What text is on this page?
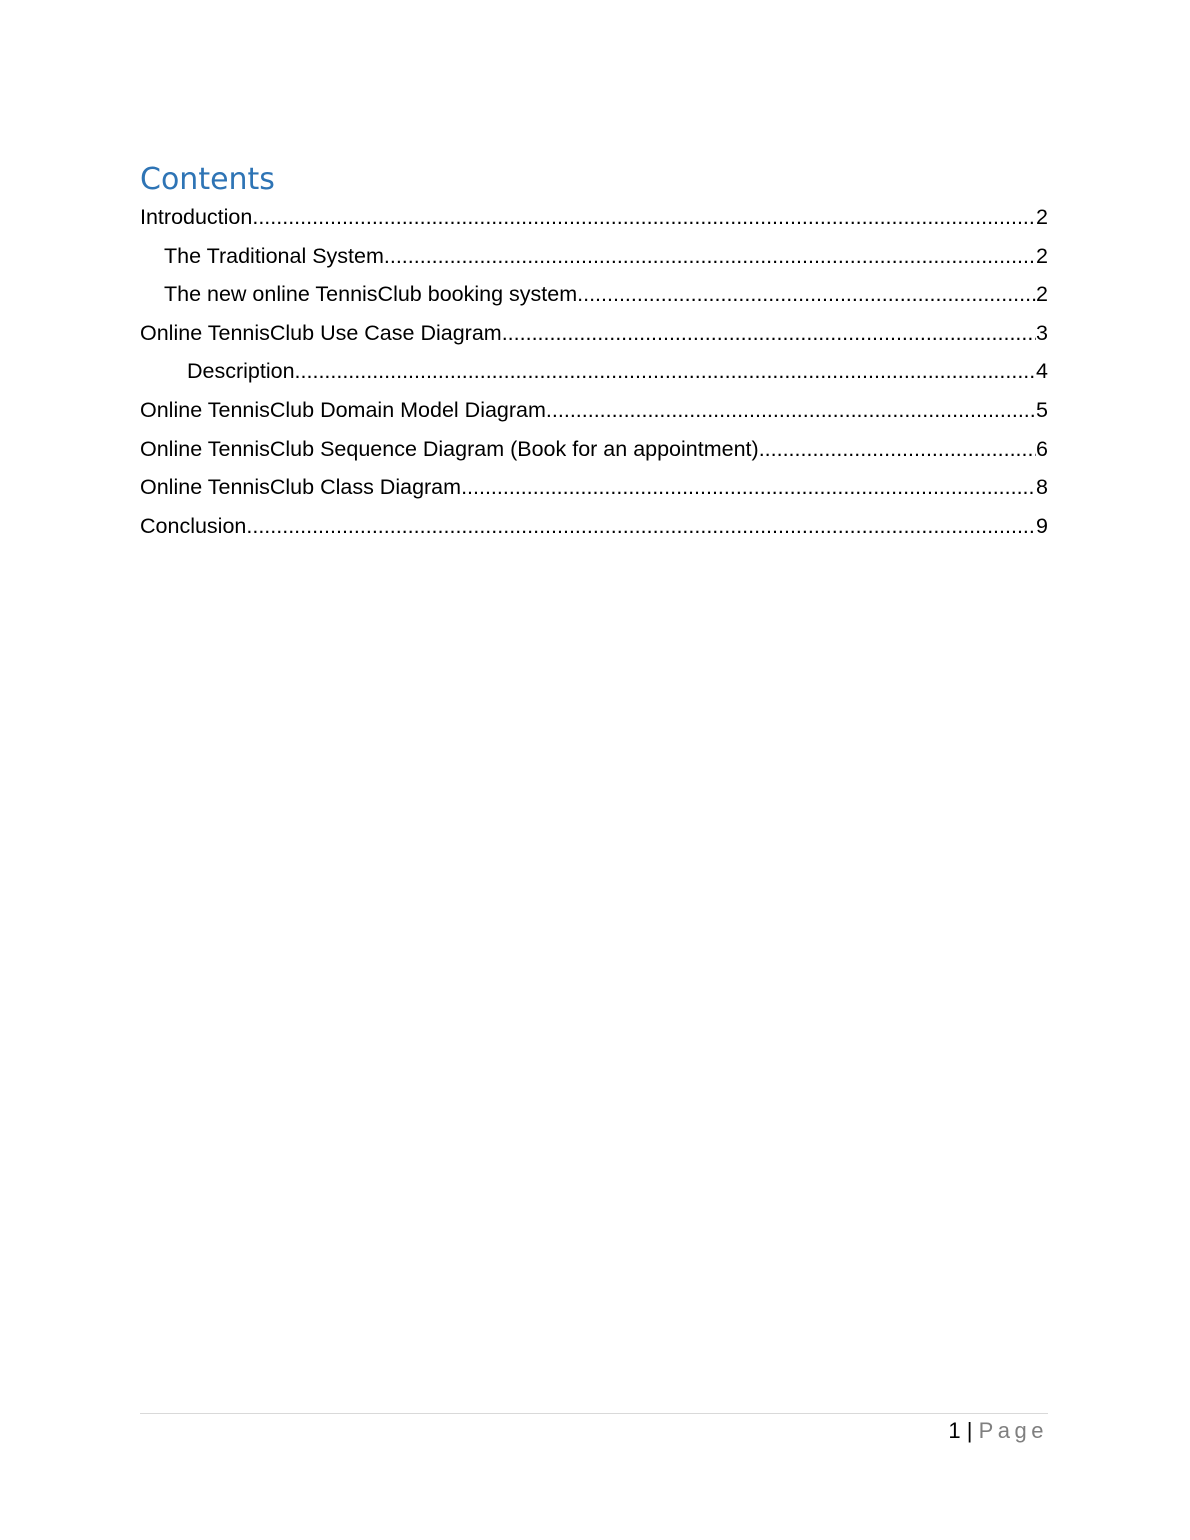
Contents
Introduction .....	2
The Traditional System .....	2
The new online TennisClub booking system .....	2
Online TennisClub Use Case Diagram .....	3
Description .....	4
Online TennisClub Domain Model Diagram .....	5
Online TennisClub Sequence Diagram (Book for an appointment) .....	6
Online TennisClub Class Diagram .....	8
Conclusion .....	9
1 | Page
